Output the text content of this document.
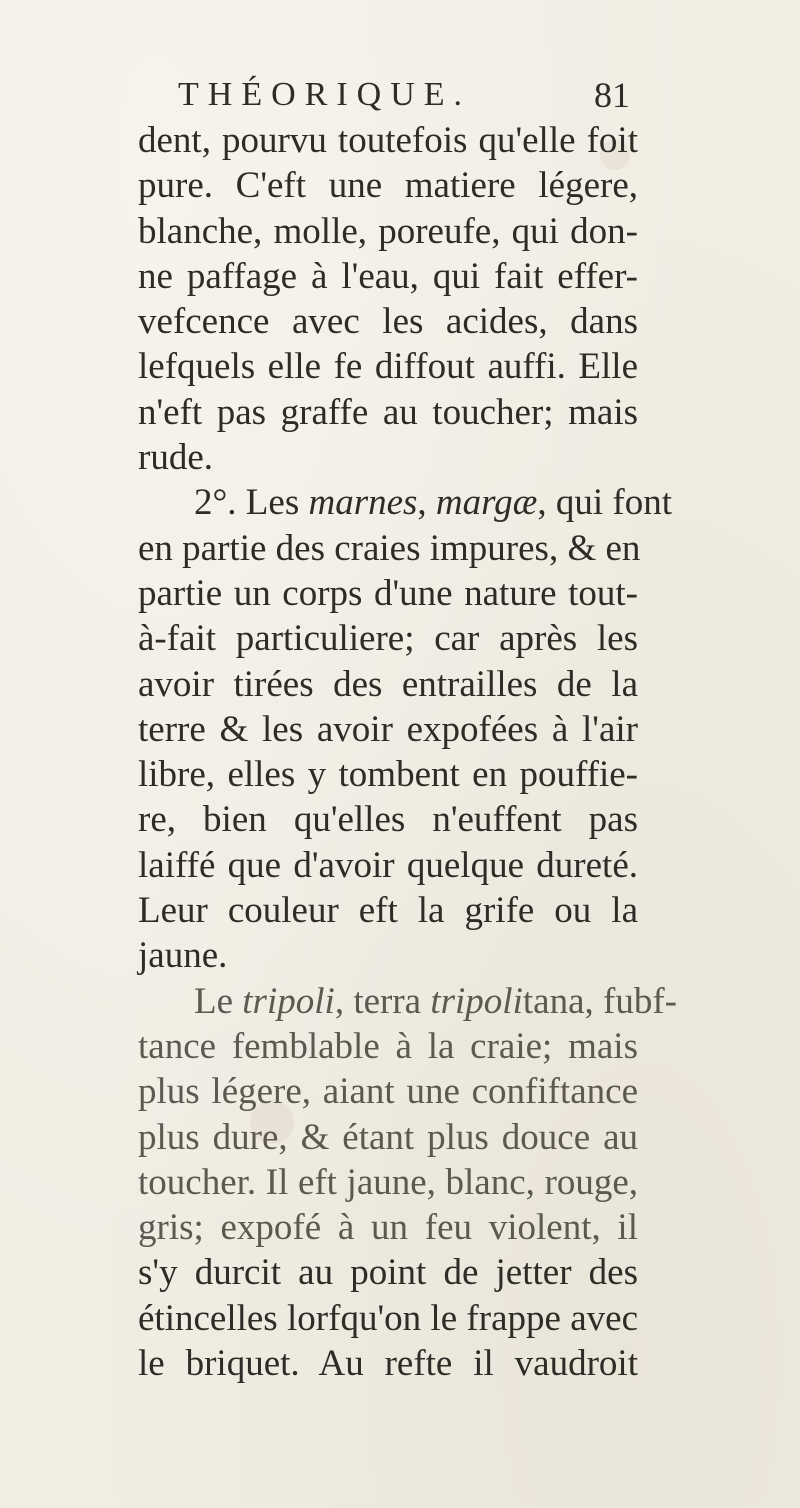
THÉORIQUE.	81
dent, pourvu toutefois qu'elle foit
pure. C'eft une matiere légere,
blanche, molle, poreufe, qui don-
ne paffage à l'eau, qui fait effer-
vefcence avec les acides, dans
lefquels elle fe diffout auffi. Elle
n'eft pas graffe au toucher; mais
rude.
2°. Les marnes, margæ, qui font
en partie des craies impures, & en
partie un corps d'une nature tout-
à-fait particuliere; car après les
avoir tirées des entrailles de la
terre & les avoir expofées à l'air
libre, elles y tombent en pouffie-
re, bien qu'elles n'euffent pas
laiffé que d'avoir quelque dureté.
Leur couleur eft la grife ou la
jaune.
Le tripoli, terra tripolitana, fubf-
tance femblable à la craie; mais
plus légere, aiant une confiftance
plus dure, & étant plus douce au
toucher. Il eft jaune, blanc, rouge,
gris; expofé à un feu violent, il
s'y durcit au point de jetter des
étincelles lorfqu'on le frappe avec
le briquet. Au refte il vaudroit
